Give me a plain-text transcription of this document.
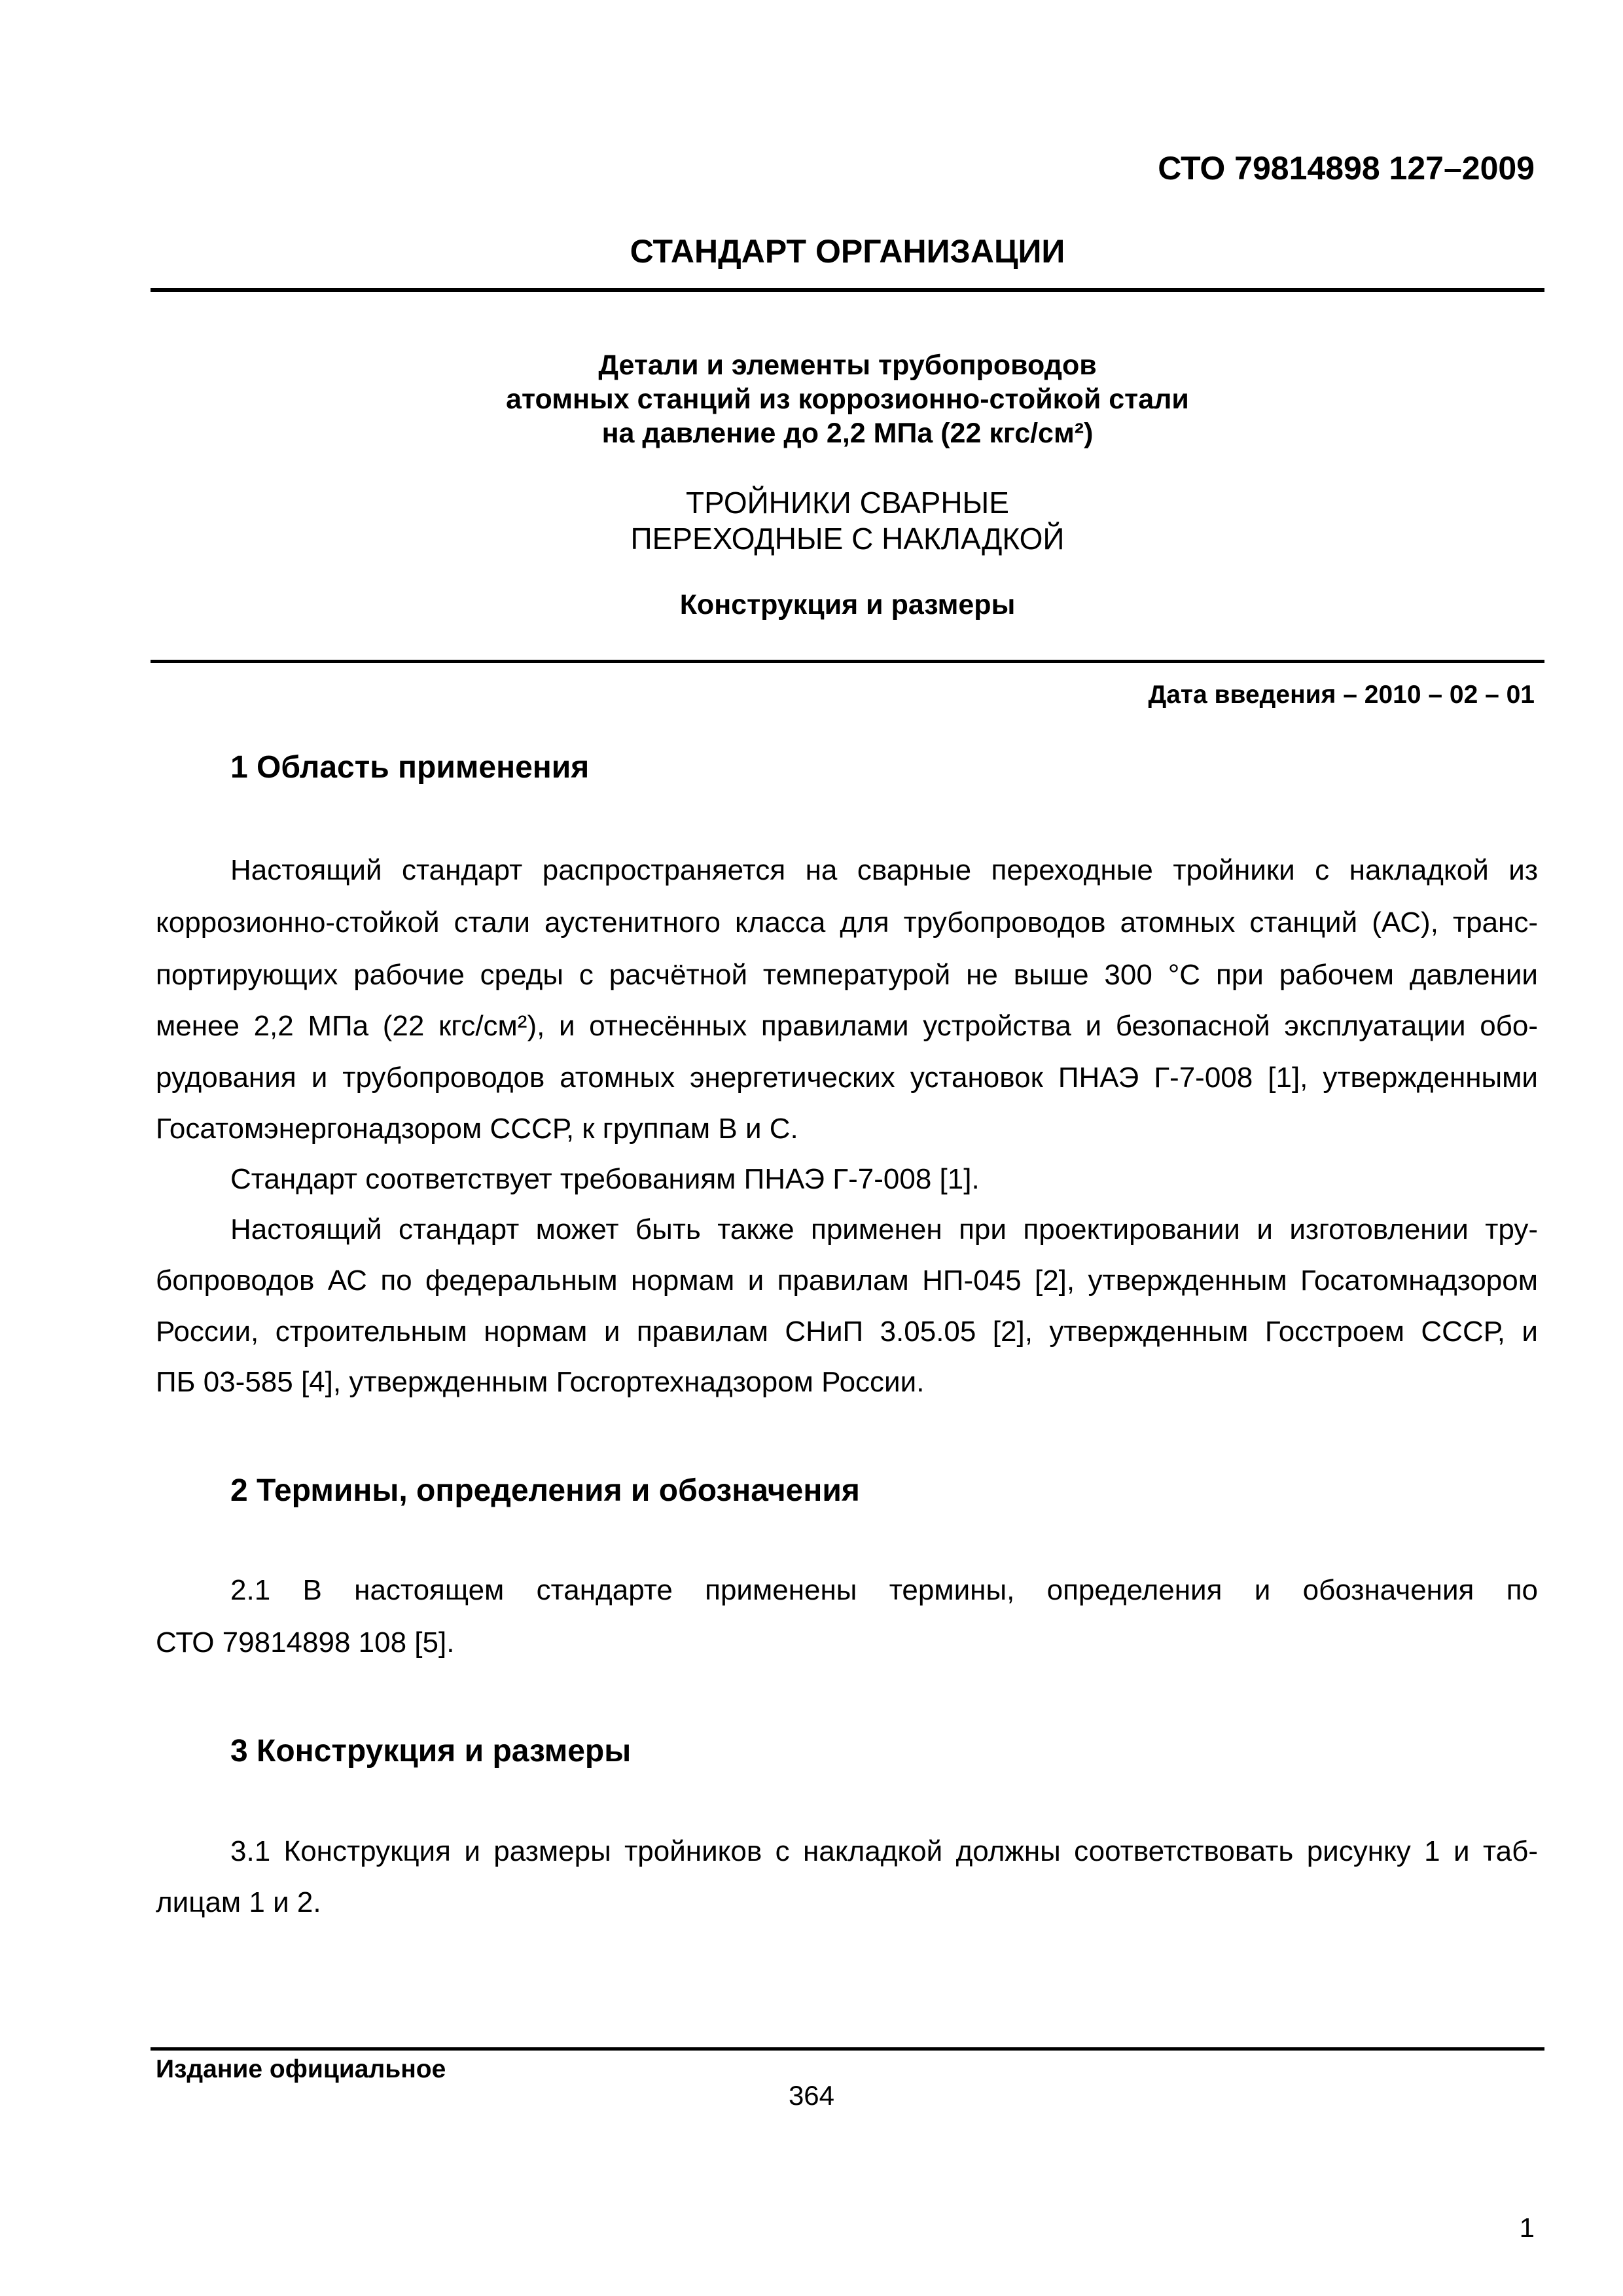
СТО 79814898 127–2009
СТАНДАРТ ОРГАНИЗАЦИИ
Детали и элементы трубопроводов
атомных станций из коррозионно-стойкой стали
на давление до 2,2 МПа (22 кгс/см²)
ТРОЙНИКИ СВАРНЫЕ
ПЕРЕХОДНЫЕ С НАКЛАДКОЙ
Конструкция и размеры
Дата введения – 2010 – 02 – 01
1 Область применения
Настоящий стандарт распространяется на сварные переходные тройники с накладкой из
коррозионно-стойкой стали аустенитного класса для трубопроводов атомных станций (АС), транс-
портирующих рабочие среды с расчётной температурой не выше 300 °С при рабочем давлении
менее 2,2 МПа (22 кгс/см²), и отнесённых правилами устройства и безопасной эксплуатации обо-
рудования и трубопроводов атомных энергетических установок ПНАЭ Г-7-008 [1], утвержденными
Госатомэнергонадзором СССР, к группам В и С.
Стандарт соответствует требованиям ПНАЭ Г-7-008 [1].
Настоящий стандарт может быть также применен при проектировании и изготовлении тру-
бопроводов АС по федеральным нормам и правилам НП-045 [2], утвержденным Госатомнадзором
России, строительным нормам и правилам СНиП 3.05.05 [2], утвержденным Госстроем СССР, и
ПБ 03-585 [4], утвержденным Госгортехнадзором России.
2 Термины, определения и обозначения
2.1 В настоящем стандарте применены термины, определения и обозначения по
СТО 79814898 108 [5].
3 Конструкция и размеры
3.1 Конструкция и размеры тройников с накладкой должны соответствовать рисунку 1 и таб-
лицам 1 и 2.
Издание официальное
364
1
